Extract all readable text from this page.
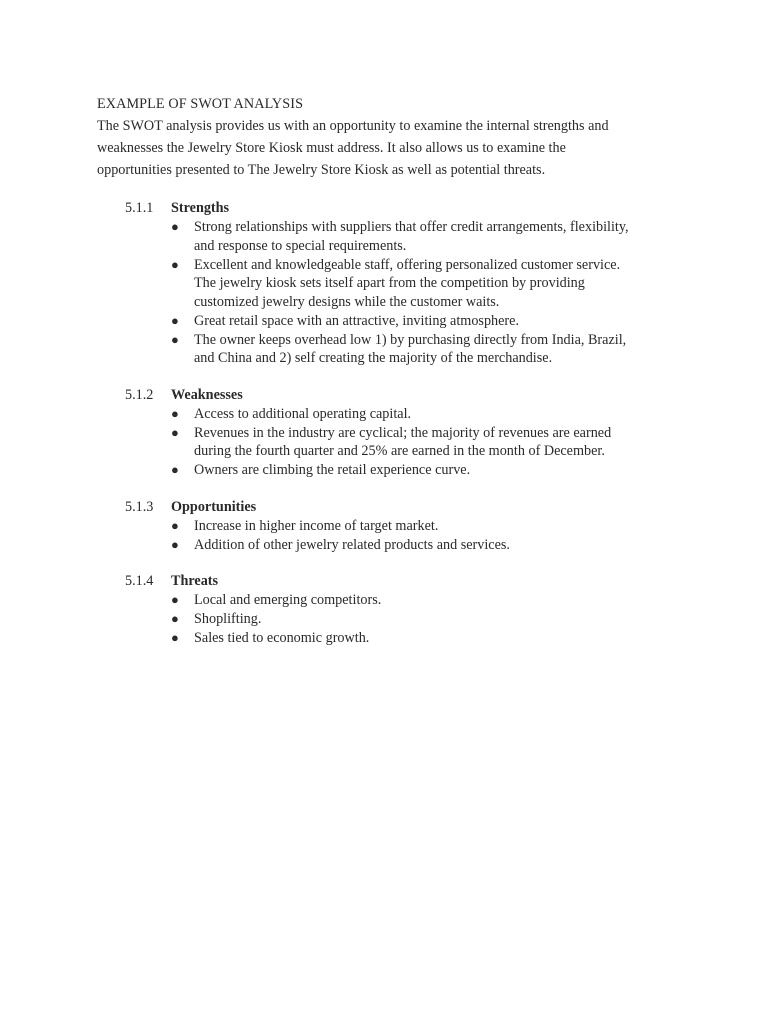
EXAMPLE OF SWOT ANALYSIS
The SWOT analysis provides us with an opportunity to examine the internal strengths and
weaknesses the Jewelry Store Kiosk must address. It also allows us to examine the
opportunities presented to The Jewelry Store Kiosk as well as potential threats.
5.1.1	Strengths
●	Strong relationships with suppliers that offer credit arrangements, flexibility,
and response to special requirements.
●	Excellent and knowledgeable staff, offering personalized customer service.
The jewelry kiosk sets itself apart from the competition by providing
customized jewelry designs while the customer waits.
●	Great retail space with an attractive, inviting atmosphere.
●	The owner keeps overhead low 1) by purchasing directly from India, Brazil,
and China and 2) self creating the majority of the merchandise.
5.1.2	Weaknesses
●	Access to additional operating capital.
●	Revenues in the industry are cyclical; the majority of revenues are earned
during the fourth quarter and 25% are earned in the month of December.
●	Owners are climbing the retail experience curve.
5.1.3	Opportunities
●	Increase in higher income of target market.
●	Addition of other jewelry related products and services.
5.1.4	Threats
●	Local and emerging competitors.
●	Shoplifting.
●	Sales tied to economic growth.
